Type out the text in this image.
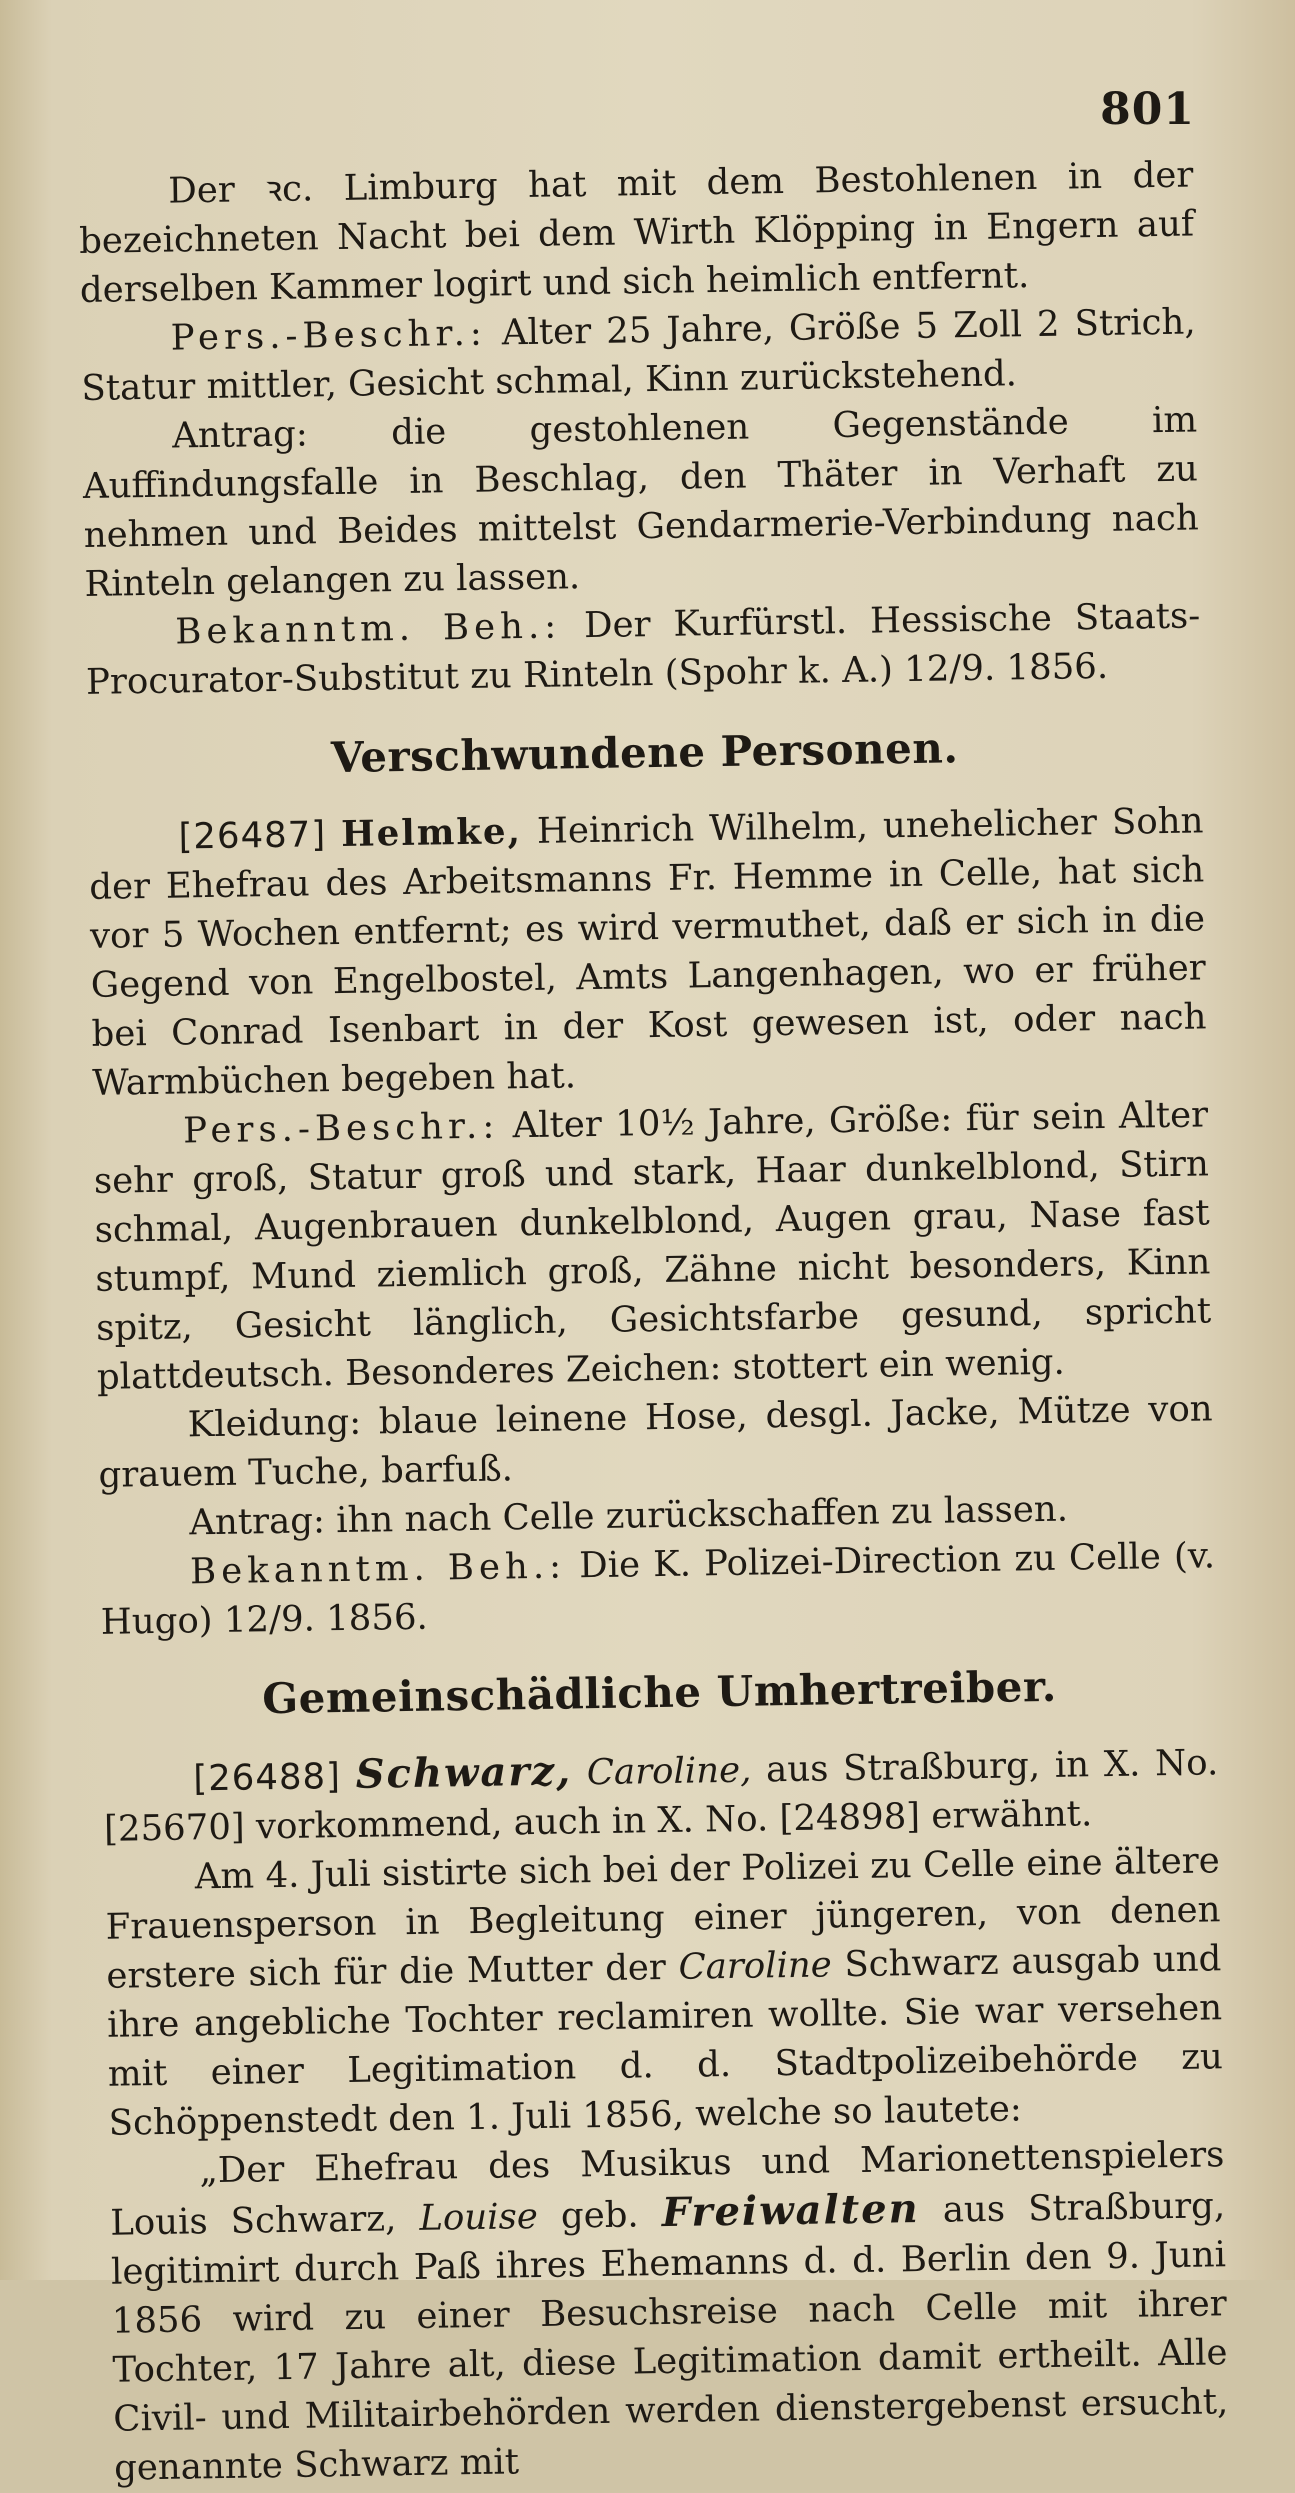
801

Der ꝛc. Limburg hat mit dem Bestohlenen in der bezeichneten Nacht bei dem Wirth Klöpping in Engern auf derselben Kammer logirt und sich heimlich entfernt.

Pers.-Beschr.: Alter 25 Jahre, Größe 5 Zoll 2 Strich, Statur mittler, Gesicht schmal, Kinn zurückstehend.

Antrag: die gestohlenen Gegenstände im Auffindungsfalle in Beschlag, den Thäter in Verhaft zu nehmen und Beides mittelst Gendarmerie-Verbindung nach Rinteln gelangen zu lassen.

Bekanntm. Beh.: Der Kurfürstl. Hessische Staats-Procurator-Substitut zu Rinteln (Spohr k. A.) 12/9. 1856.

Verschwundene Personen.

[26487] Helmke, Heinrich Wilhelm, unehelicher Sohn der Ehefrau des Arbeitsmanns Fr. Hemme in Celle, hat sich vor 5 Wochen entfernt; es wird vermuthet, daß er sich in die Gegend von Engelbostel, Amts Langenhagen, wo er früher bei Conrad Isenbart in der Kost gewesen ist, oder nach Warmbüchen begeben hat.

Pers.-Beschr.: Alter 10½ Jahre, Größe: für sein Alter sehr groß, Statur groß und stark, Haar dunkelblond, Stirn schmal, Augenbrauen dunkelblond, Augen grau, Nase fast stumpf, Mund ziemlich groß, Zähne nicht besonders, Kinn spitz, Gesicht länglich, Gesichtsfarbe gesund, spricht plattdeutsch. Besonderes Zeichen: stottert ein wenig.

Kleidung: blaue leinene Hose, desgl. Jacke, Mütze von grauem Tuche, barfuß.

Antrag: ihn nach Celle zurückschaffen zu lassen.

Bekanntm. Beh.: Die K. Polizei-Direction zu Celle (v. Hugo) 12/9. 1856.

Gemeinschädliche Umhertreiber.

[26488] Schwarz, Caroline, aus Straßburg, in X. No. [25670] vorkommend, auch in X. No. [24898] erwähnt.

Am 4. Juli sistirte sich bei der Polizei zu Celle eine ältere Frauensperson in Begleitung einer jüngeren, von denen erstere sich für die Mutter der Caroline Schwarz ausgab und ihre angebliche Tochter reclamiren wollte. Sie war versehen mit einer Legitimation d. d. Stadtpolizeibehörde zu Schöppenstedt den 1. Juli 1856, welche so lautete:

„Der Ehefrau des Musikus und Marionettenspielers Louis Schwarz, Louise geb. Freiwalten aus Straßburg, legitimirt durch Paß ihres Ehemanns d. d. Berlin den 9. Juni 1856 wird zu einer Besuchsreise nach Celle mit ihrer Tochter, 17 Jahre alt, diese Legitimation damit ertheilt. Alle Civil- und Militairbehörden werden dienstergebenst ersucht, genannte Schwarz mit
